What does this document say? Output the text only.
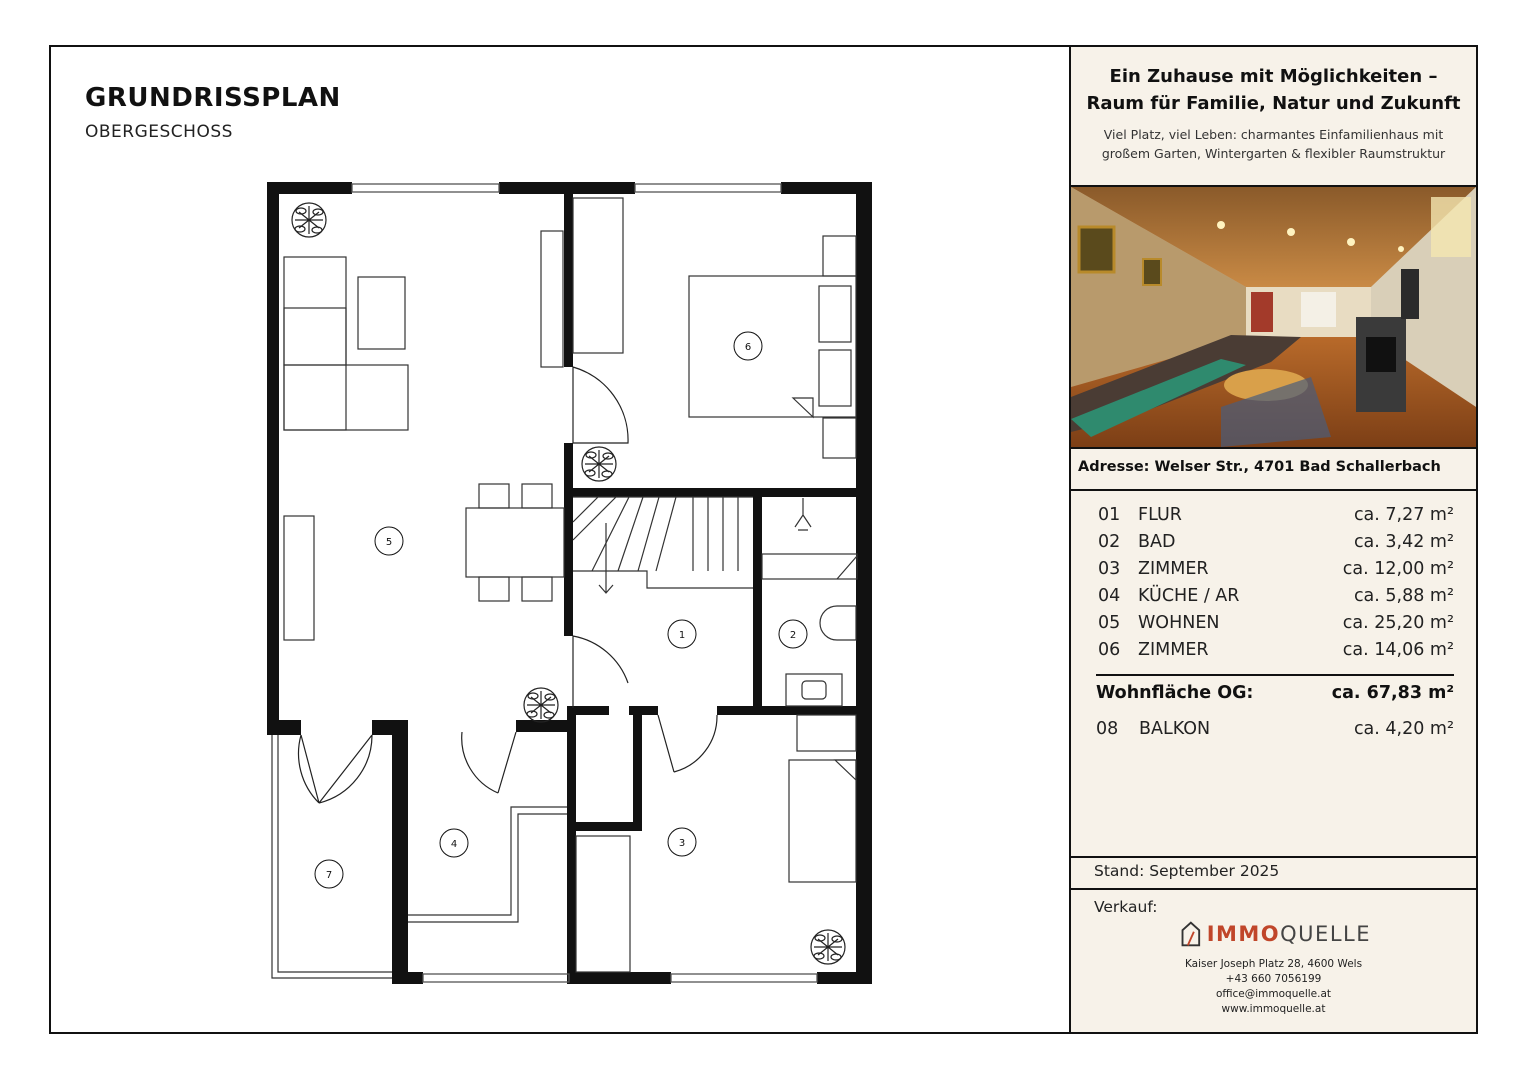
GRUNDRISSPLAN
OBERGESCHOSS
1	2
3
4
5
6
7
Ein Zuhause mit Möglichkeiten – Raum für Familie, Natur und Zukunft
Viel Platz, viel Leben: charmantes Einfamilienhaus mit großem Garten, Wintergarten & flexibler Raumstruktur
Adresse: Welser Str., 4701 Bad Schallerbach
01	FLUR	ca. 7,27 m²
02	BAD	ca. 3,42 m²
03	ZIMMER	ca. 12,00 m²
04	KÜCHE / AR	ca. 5,88 m²
05	WOHNEN	ca. 25,20 m²
06	ZIMMER	ca. 14,06 m²
Wohnfläche OG:	ca. 67,83 m²
08	BALKON	ca. 4,20 m²
Stand: September 2025
Verkauf:
IMMOQUELLE
Kaiser Joseph Platz 28, 4600 Wels
+43 660 7056199
office@immoquelle.at
www.immoquelle.at
